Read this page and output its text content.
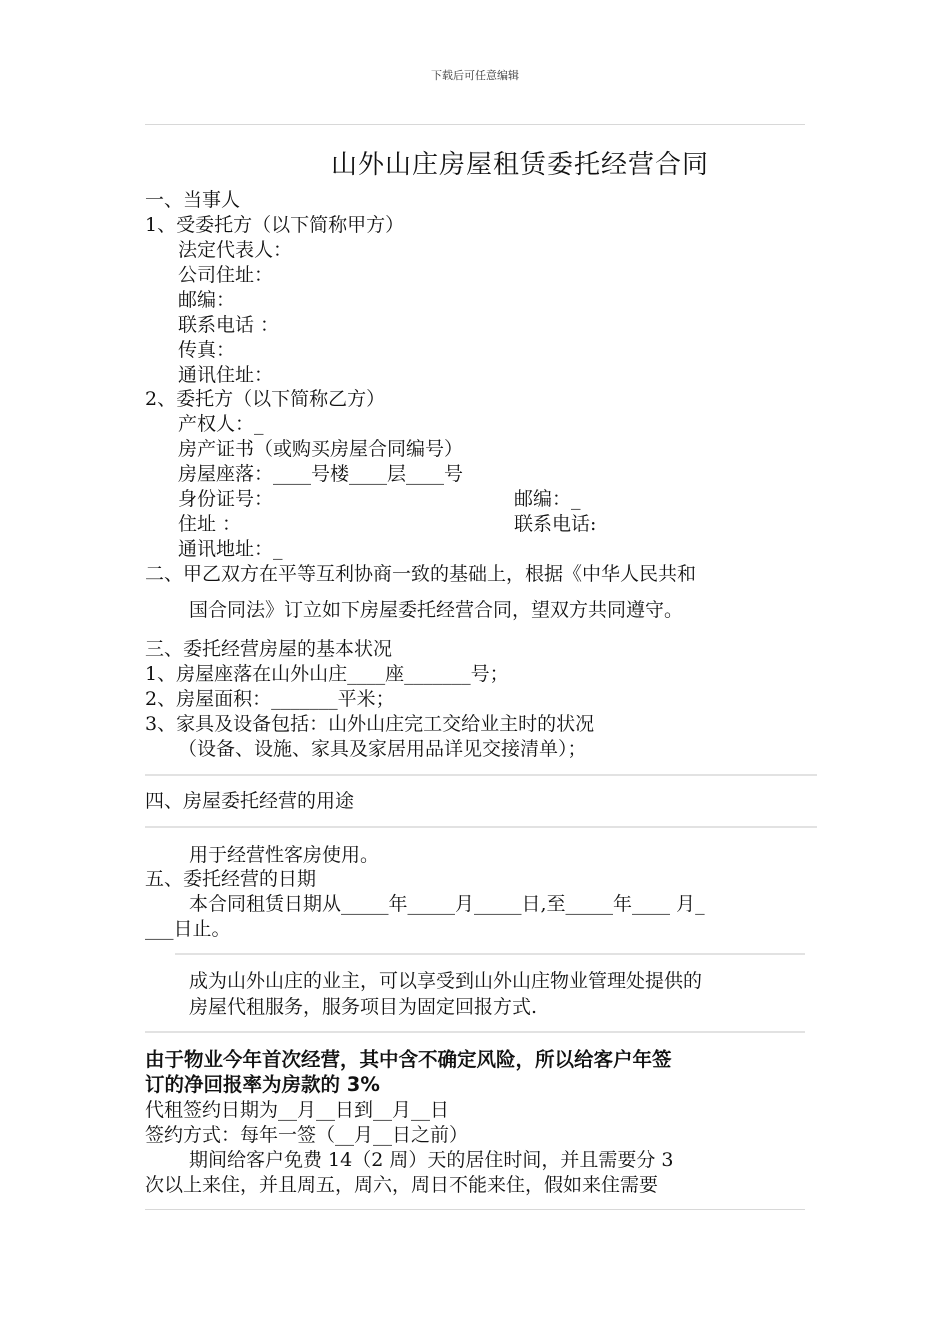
下载后可任意编辑
山外山庄房屋租赁委托经营合同
一、当事人
1、受委托方（以下简称甲方）
法定代表人：
公司住址：
邮编：
联系电话 ：
传真：
通讯住址：
2、委托方（以下简称乙方）
产权人：_
房产证书（或购买房屋合同编号）
房屋座落：____号楼____层____号
身份证号：	邮编：_
住址 ：	联系电话:
通讯地址：_
二、甲乙双方在平等互利协商一致的基础上，根据《中华人民共和
国合同法》订立如下房屋委托经营合同，望双方共同遵守。
三、委托经营房屋的基本状况
1、房屋座落在山外山庄____座_______号；
2、房屋面积：_______平米；
3、家具及设备包括：山外山庄完工交给业主时的状况
（设备、设施、家具及家居用品详见交接清单）；
四、房屋委托经营的用途
用于经营性客房使用。
五、委托经营的日期
本合同租赁日期从_____年_____月_____日,至_____年____ 月_
___日止。
成为山外山庄的业主，可以享受到山外山庄物业管理处提供的
房屋代租服务，服务项目为固定回报方式.
由于物业今年首次经营，其中含不确定风险，所以给客户年签
订的净回报率为房款的 3%
代租签约日期为__月__日到__月__日
签约方式：每年一签（__月__日之前）
期间给客户免费 14（2 周）天的居住时间，并且需要分 3
次以上来住，并且周五，周六，周日不能来住，假如来住需要
